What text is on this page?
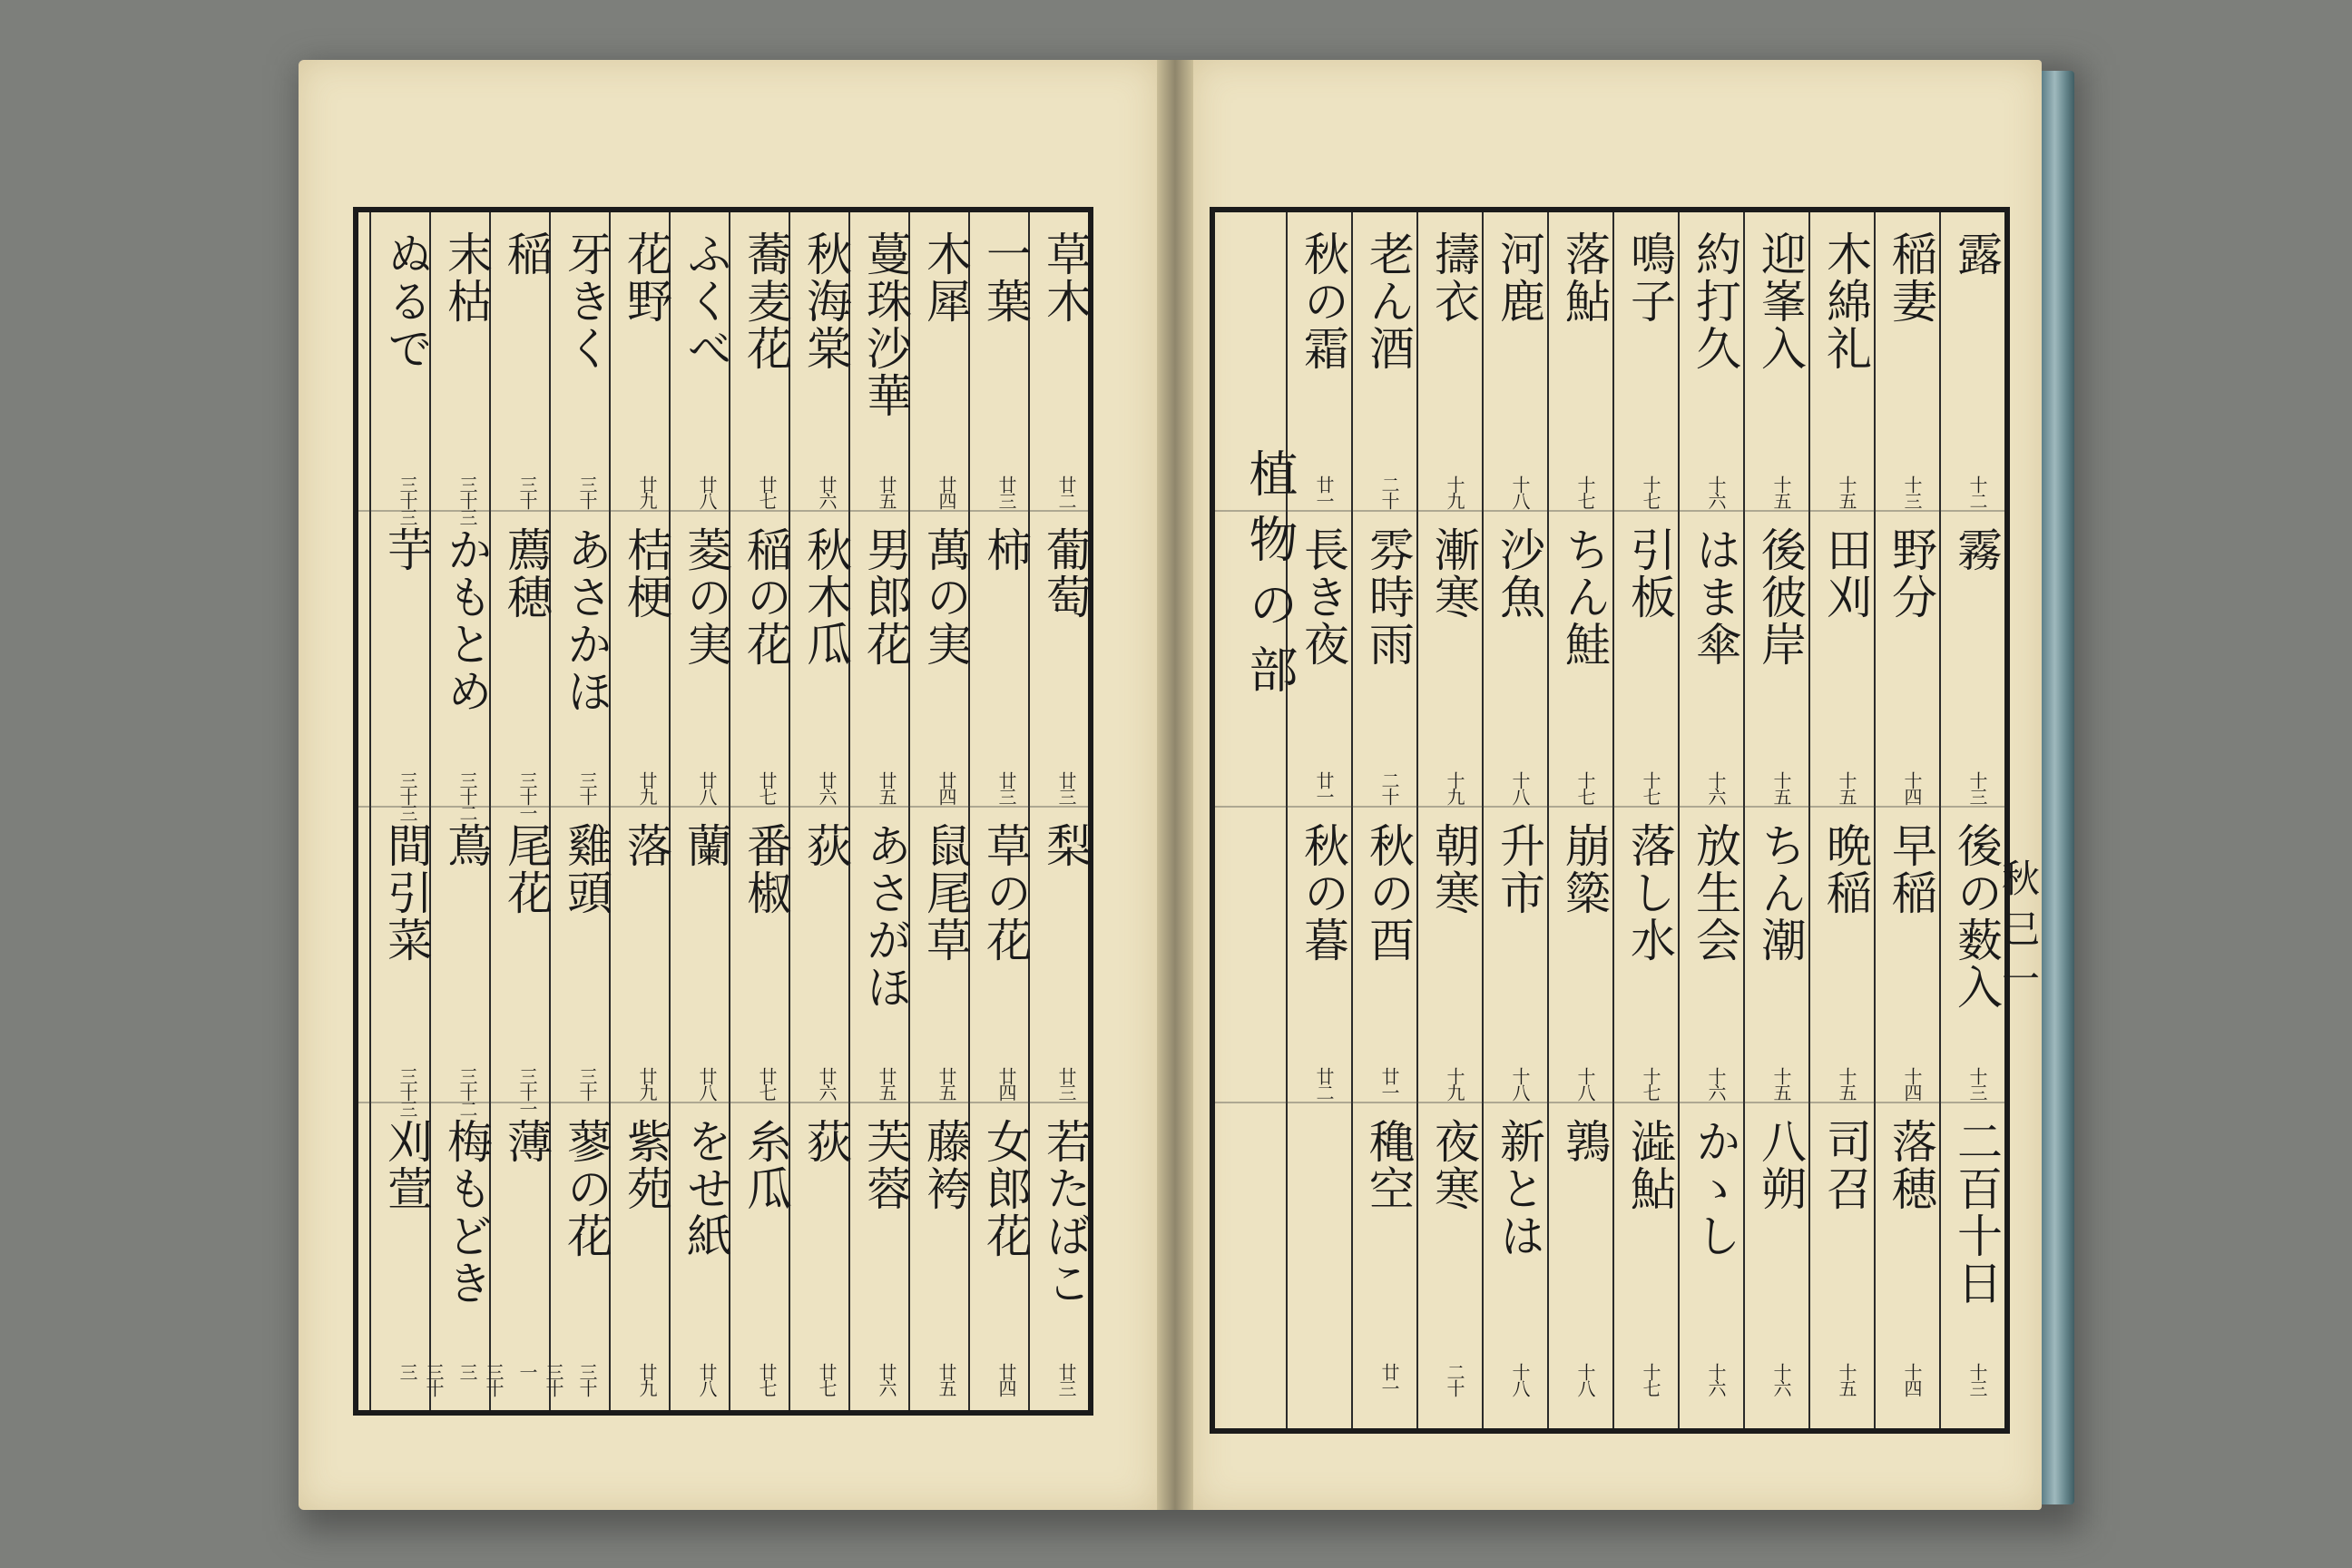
草木
廿二
葡萄
廿三
梨
廿三
若たばこ
廿三
一葉
廿三
柿
廿三
草の花
廿四
女郎花
廿四
木犀
廿四
萬の実
廿四
鼠尾草
廿五
藤袴
廿五
蔓珠沙華
廿五
男郎花
廿五
あさがほ
廿五
芙蓉
廿六
秋海棠
廿六
秋木瓜
廿六
荻
廿六
荻
廿七
蕎麦花
廿七
稲の花
廿七
番椒
廿七
糸瓜
廿七
ふくべ
廿八
菱の実
廿八
蘭
廿八
をせ紙
廿八
花野
廿九
桔梗
廿九
落
廿九
紫苑
廿九
牙きく
三十
あさかほ
三十
雞頭
三十
蓼の花
三十
稲
三十
薦穂
三十一
尾花
三十一
薄
三十一
末枯
三十三
かもとめ
三十二
蔦
三十二
梅もどき
三十三
ぬるで
三十三
芋
三十三
間引菜
三十三
刈萱
三十三
露
十二
霧
十三
後の薮入
十三
二百十日
十三
稲妻
十三
野分
十四
早稲
十四
落穂
十四
木綿礼
十五
田刈
十五
晩稲
十五
司召
十五
迎峯入
十五
後彼岸
十五
ちん潮
十五
八朔
十六
約打久
十六
はま傘
十六
放生会
十六
かゝし
十六
鳴子
十七
引板
十七
落し水
十七
澁鮎
十七
落鮎
十七
ちん鮭
十七
崩簗
十八
鶉
十八
河鹿
十八
沙魚
十八
升市
十八
新とは
十八
擣衣
十九
漸寒
十九
朝寒
十九
夜寒
二十
老ん酒
二十
雰時雨
二十
秋の酉
廿一
穐空
廿一
秋の霜
廿一
長き夜
廿一
秋の暮
廿二
植物の部
秋 巳 一
